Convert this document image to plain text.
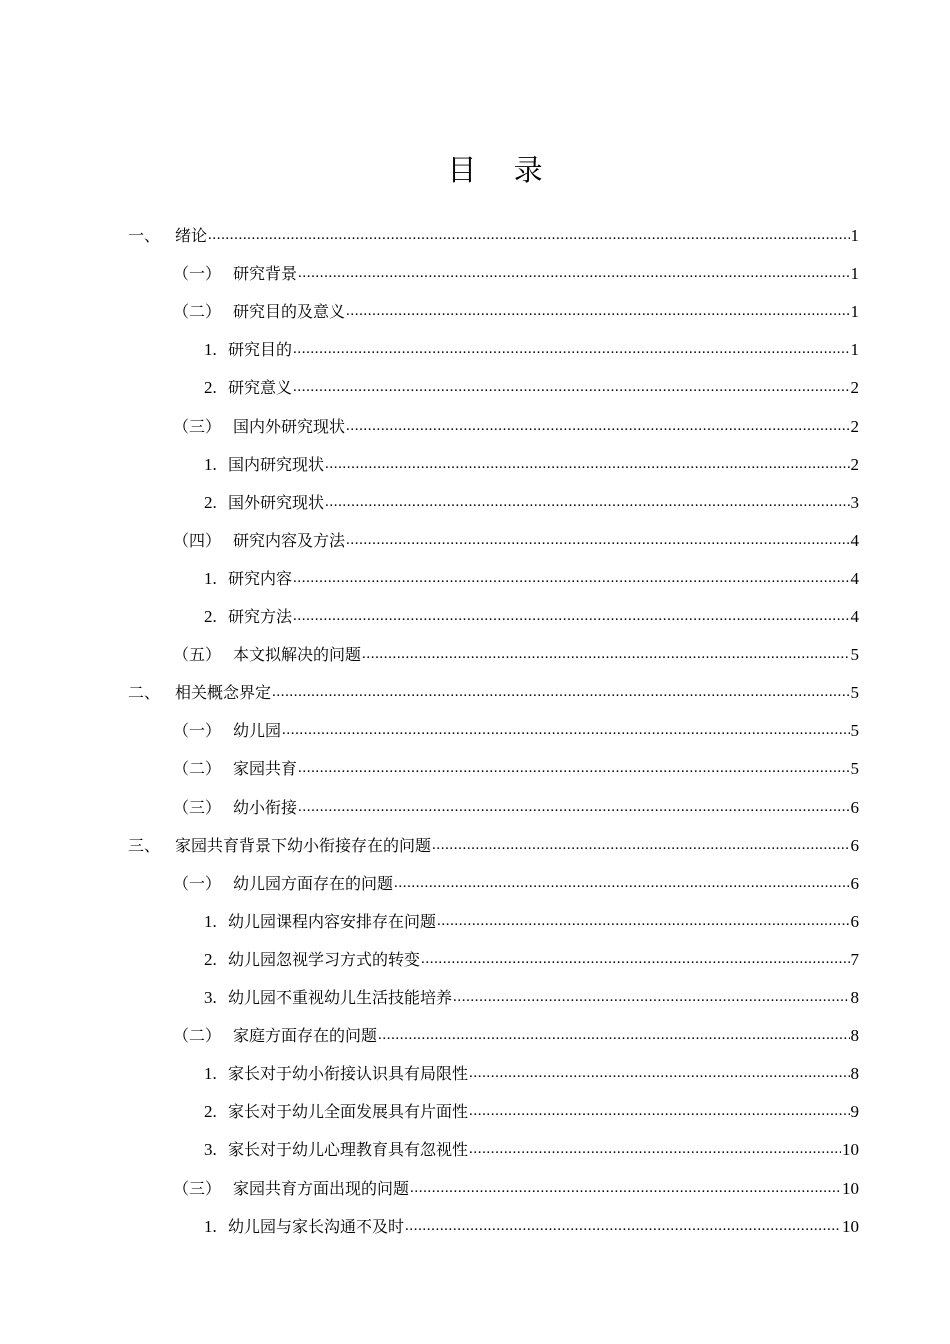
目 录
一、 绪论 .....	1
（一） 研究背景 .....	1
（二） 研究目的及意义 .....	1
1. 研究目的 .....	1
2. 研究意义 .....	2
（三） 国内外研究现状 .....	2
1. 国内研究现状 .....	2
2. 国外研究现状 .....	3
（四） 研究内容及方法 .....	4
1. 研究内容 .....	4
2. 研究方法 .....	4
（五） 本文拟解决的问题 .....	5
二、 相关概念界定 .....	5
（一） 幼儿园 .....	5
（二） 家园共育 .....	5
（三） 幼小衔接 .....	6
三、 家园共育背景下幼小衔接存在的问题 .....	6
（一） 幼儿园方面存在的问题 .....	6
1. 幼儿园课程内容安排存在问题 .....	6
2. 幼儿园忽视学习方式的转变 .....	7
3. 幼儿园不重视幼儿生活技能培养 .....	8
（二） 家庭方面存在的问题 .....	8
1. 家长对于幼小衔接认识具有局限性 .....	8
2. 家长对于幼儿全面发展具有片面性 .....	9
3. 家长对于幼儿心理教育具有忽视性 .....	10
（三） 家园共育方面出现的问题 .....	10
1. 幼儿园与家长沟通不及时 .....	10
